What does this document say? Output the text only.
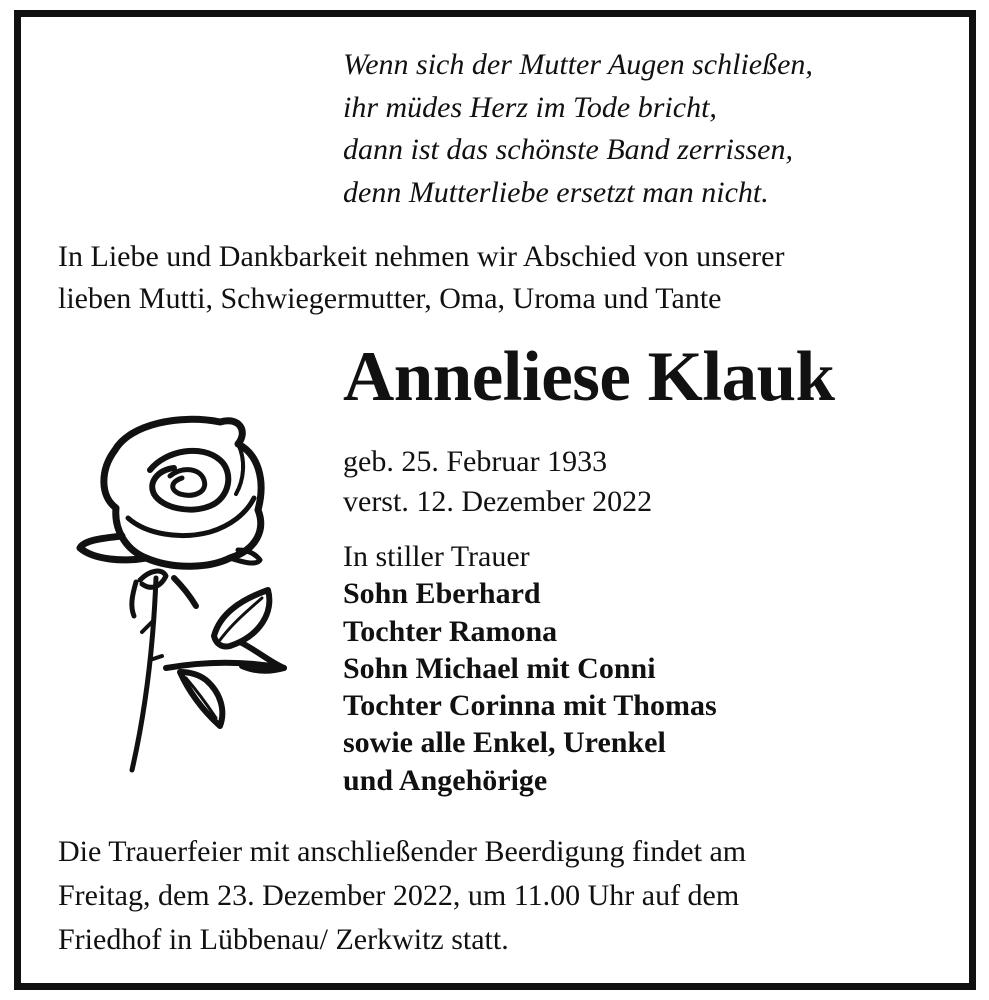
Wenn sich der Mutter Augen schließen,
ihr müdes Herz im Tode bricht,
dann ist das schönste Band zerrissen,
denn Mutterliebe ersetzt man nicht.
In Liebe und Dankbarkeit nehmen wir Abschied von unserer
lieben Mutti, Schwiegermutter, Oma, Uroma und Tante
Anneliese Klauk
geb. 25. Februar 1933
verst. 12. Dezember 2022
In stiller Trauer
Sohn Eberhard
Tochter Ramona
Sohn Michael mit Conni
Tochter Corinna mit Thomas
sowie alle Enkel, Urenkel
und Angehörige
Die Trauerfeier mit anschließender Beerdigung findet am
Freitag, dem 23. Dezember 2022, um 11.00 Uhr auf dem
Friedhof in Lübbenau/ Zerkwitz statt.
